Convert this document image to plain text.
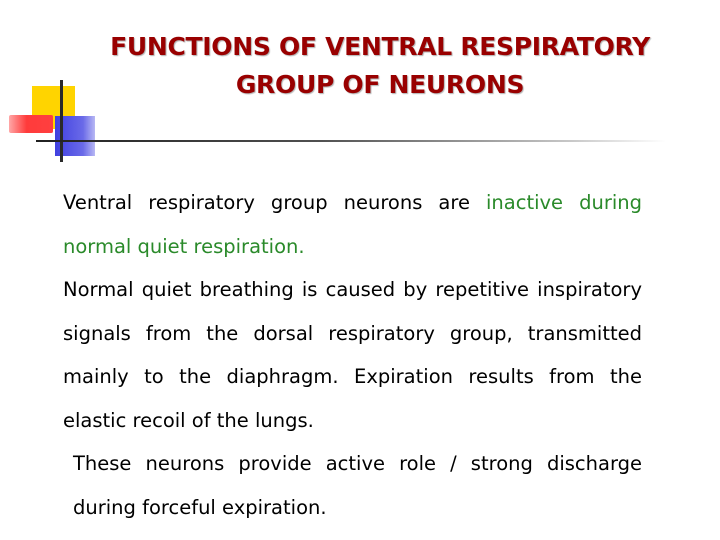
FUNCTIONS OF VENTRAL RESPIRATORY
GROUP OF NEURONS

Ventral respiratory group neurons are inactive during normal quiet respiration.

Normal quiet breathing is caused by repetitive inspiratory signals from the dorsal respiratory group, transmitted mainly to the diaphragm. Expiration results from the elastic recoil of the lungs.

These neurons provide active role / strong discharge during forceful expiration.
